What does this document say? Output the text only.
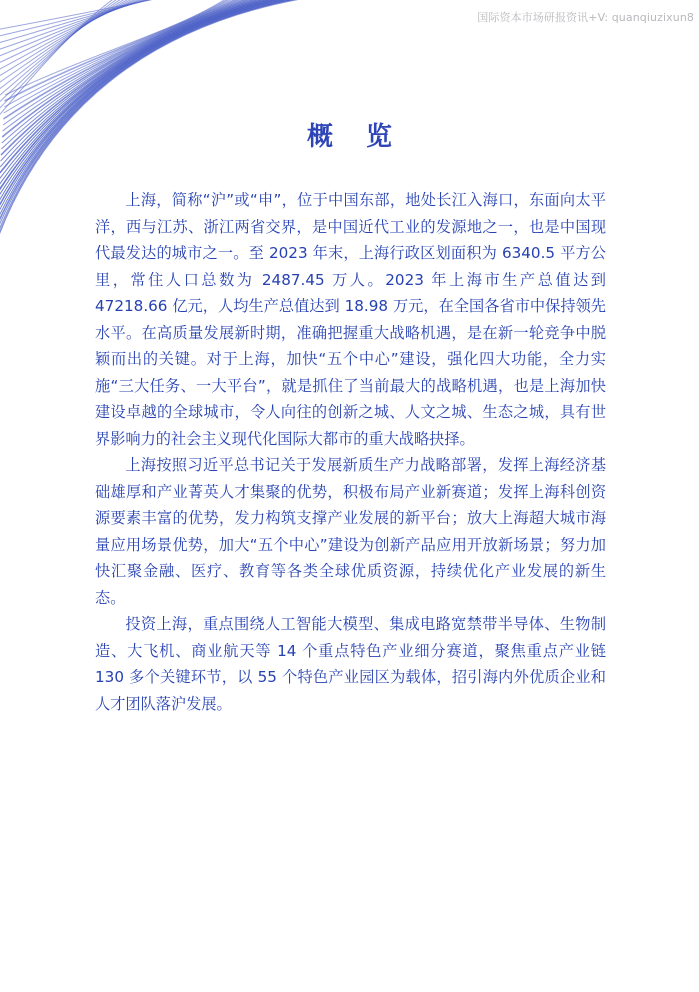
国际资本市场研报资讯+V: quanqiuzixun8
概 览

上海，简称“沪”或“申”，位于中国东部，地处长江入海口，东面向太平洋，西与江苏、浙江两省交界，是中国近代工业的发源地之一，也是中国现代最发达的城市之一。至 2023 年末，上海行政区划面积为 6340.5 平方公里，常住人口总数为 2487.45 万人。2023 年上海市生产总值达到 47218.66 亿元，人均生产总值达到 18.98 万元，在全国各省市中保持领先水平。在高质量发展新时期，准确把握重大战略机遇，是在新一轮竞争中脱颖而出的关键。对于上海，加快“五个中心”建设，强化四大功能，全力实施“三大任务、一大平台”，就是抓住了当前最大的战略机遇，也是上海加快建设卓越的全球城市，令人向往的创新之城、人文之城、生态之城，具有世界影响力的社会主义现代化国际大都市的重大战略抉择。

上海按照习近平总书记关于发展新质生产力战略部署，发挥上海经济基础雄厚和产业菁英人才集聚的优势，积极布局产业新赛道；发挥上海科创资源要素丰富的优势，发力构筑支撑产业发展的新平台；放大上海超大城市海量应用场景优势，加大“五个中心”建设为创新产品应用开放新场景；努力加快汇聚金融、医疗、教育等各类全球优质资源，持续优化产业发展的新生态。

投资上海，重点围绕人工智能大模型、集成电路宽禁带半导体、生物制造、大飞机、商业航天等 14 个重点特色产业细分赛道，聚焦重点产业链 130 多个关键环节，以 55 个特色产业园区为载体，招引海内外优质企业和人才团队落沪发展。
